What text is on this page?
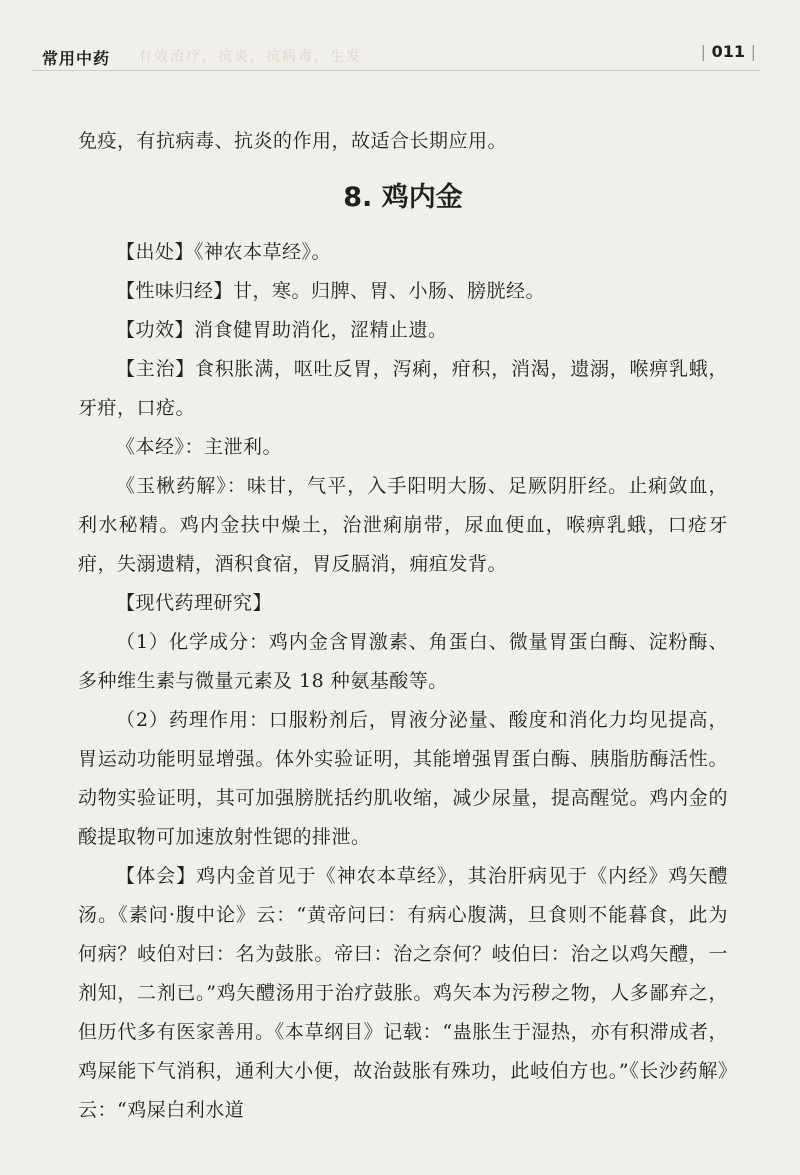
常用中药 有效治疗，抗炎，抗病毒，生发	| 011 |

免疫，有抗病毒、抗炎的作用，故适合长期应用。

8. 鸡内金

【出处】《神农本草经》。

【性味归经】甘，寒。归脾、胃、小肠、膀胱经。

【功效】消食健胃助消化，涩精止遗。

【主治】食积胀满，呕吐反胃，泻痢，疳积，消渴，遗溺，喉痹乳蛾，牙疳，口疮。

《本经》：主泄利。

《玉楸药解》：味甘，气平，入手阳明大肠、足厥阴肝经。止痢敛血，利水秘精。鸡内金扶中燥土，治泄痢崩带，尿血便血，喉痹乳蛾，口疮牙疳，失溺遗精，酒积食宿，胃反膈消，痈疽发背。

【现代药理研究】

（1）化学成分：鸡内金含胃激素、角蛋白、微量胃蛋白酶、淀粉酶、多种维生素与微量元素及 18 种氨基酸等。

（2）药理作用：口服粉剂后，胃液分泌量、酸度和消化力均见提高，胃运动功能明显增强。体外实验证明，其能增强胃蛋白酶、胰脂肪酶活性。动物实验证明，其可加强膀胱括约肌收缩，减少尿量，提高醒觉。鸡内金的酸提取物可加速放射性锶的排泄。

【体会】鸡内金首见于《神农本草经》，其治肝病见于《内经》鸡矢醴汤。《素问·腹中论》云：“黄帝问曰：有病心腹满，旦食则不能暮食，此为何病？岐伯对曰：名为鼓胀。帝曰：治之奈何？岐伯曰：治之以鸡矢醴，一剂知，二剂已。”鸡矢醴汤用于治疗鼓胀。鸡矢本为污秽之物，人多鄙弃之，但历代多有医家善用。《本草纲目》记载：“蛊胀生于湿热，亦有积滞成者，鸡屎能下气消积，通利大小便，故治鼓胀有殊功，此岐伯方也。”《长沙药解》云：“鸡屎白利水道
